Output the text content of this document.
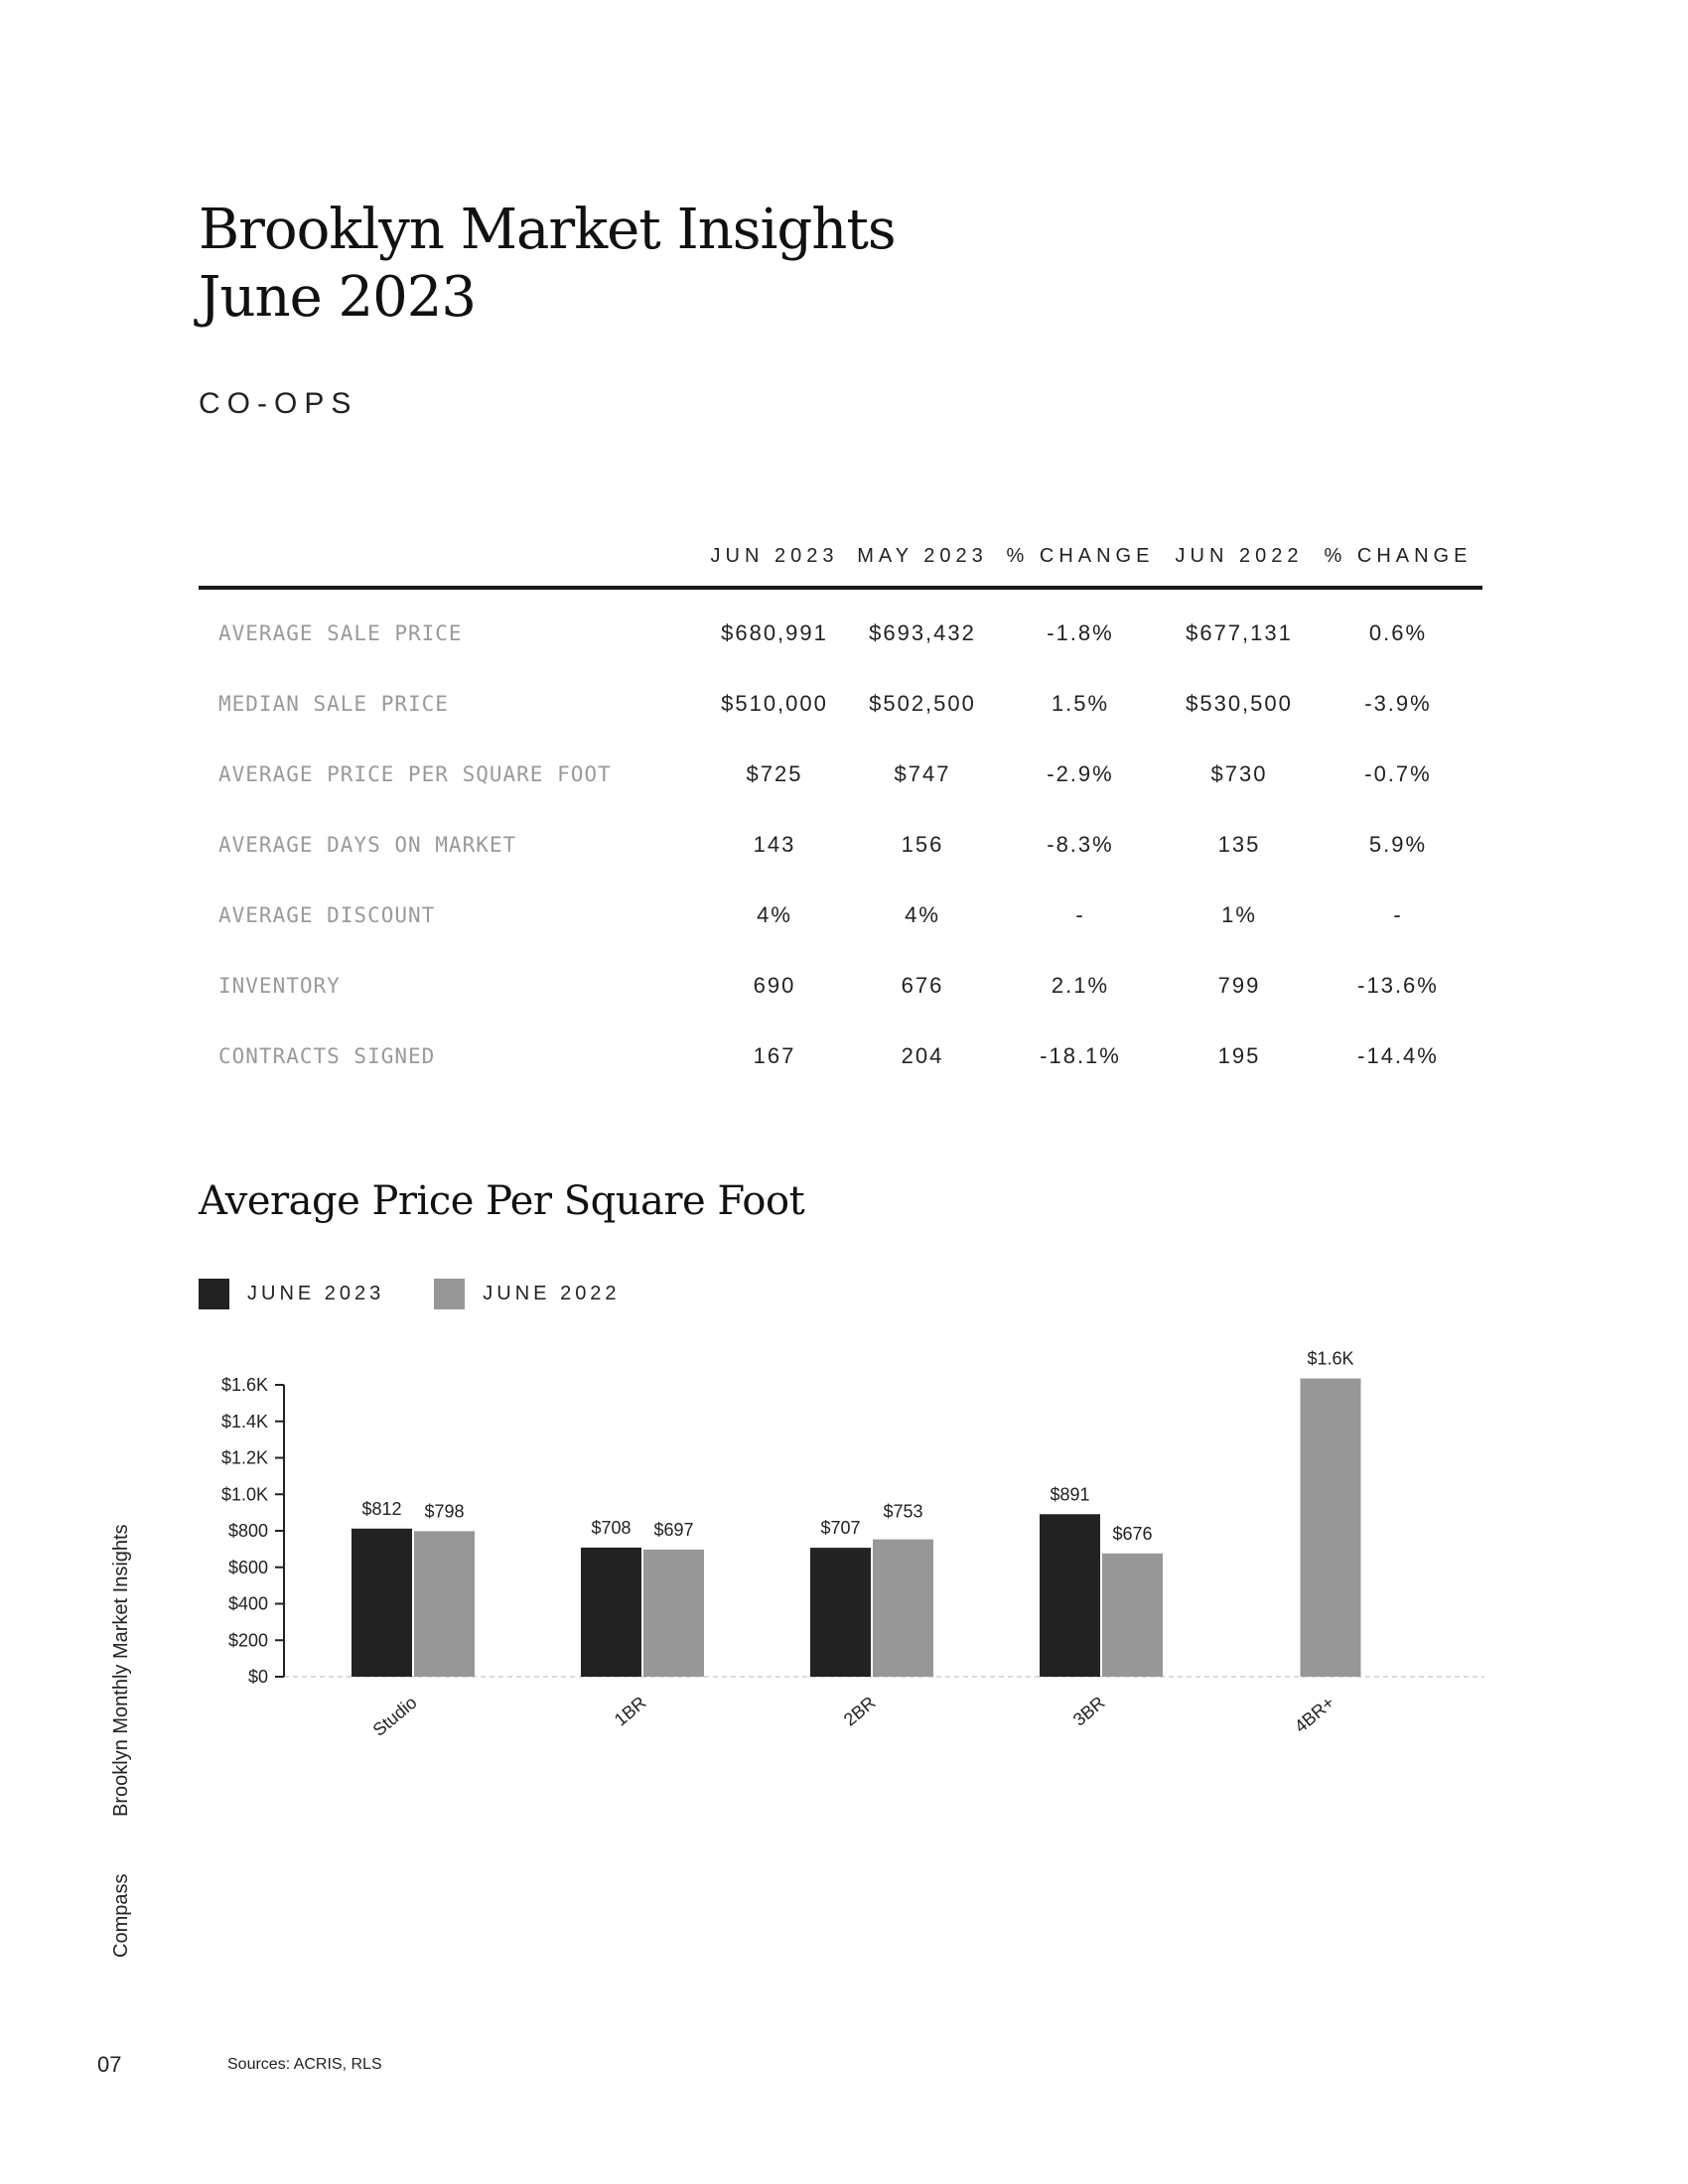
Brooklyn Market Insights
June 2023
CO-OPS
	JUN 2023	MAY 2023	% CHANGE	JUN 2022	% CHANGE
AVERAGE SALE PRICE	$680,991	$693,432	-1.8%	$677,131	0.6%
MEDIAN SALE PRICE	$510,000	$502,500	1.5%	$530,500	-3.9%
AVERAGE PRICE PER SQUARE FOOT	$725	$747	-2.9%	$730	-0.7%
AVERAGE DAYS ON MARKET	143	156	-8.3%	135	5.9%
AVERAGE DISCOUNT	4%	4%	-	1%	-
INVENTORY	690	676	2.1%	799	-13.6%
CONTRACTS SIGNED	167	204	-18.1%	195	-14.4%
Average Price Per Square Foot
JUNE 2023	JUNE 2022
$0
$200
$400
$600
$800
$1.0K
$1.2K
$1.4K
$1.6K
$812 $798
Studio
$708 $697
1BR
$707
$753
2BR
$891
$676
3BR
$1.6K
4BR+
Compass
Brooklyn Monthly Market Insights
07	Sources: ACRIS, RLS
